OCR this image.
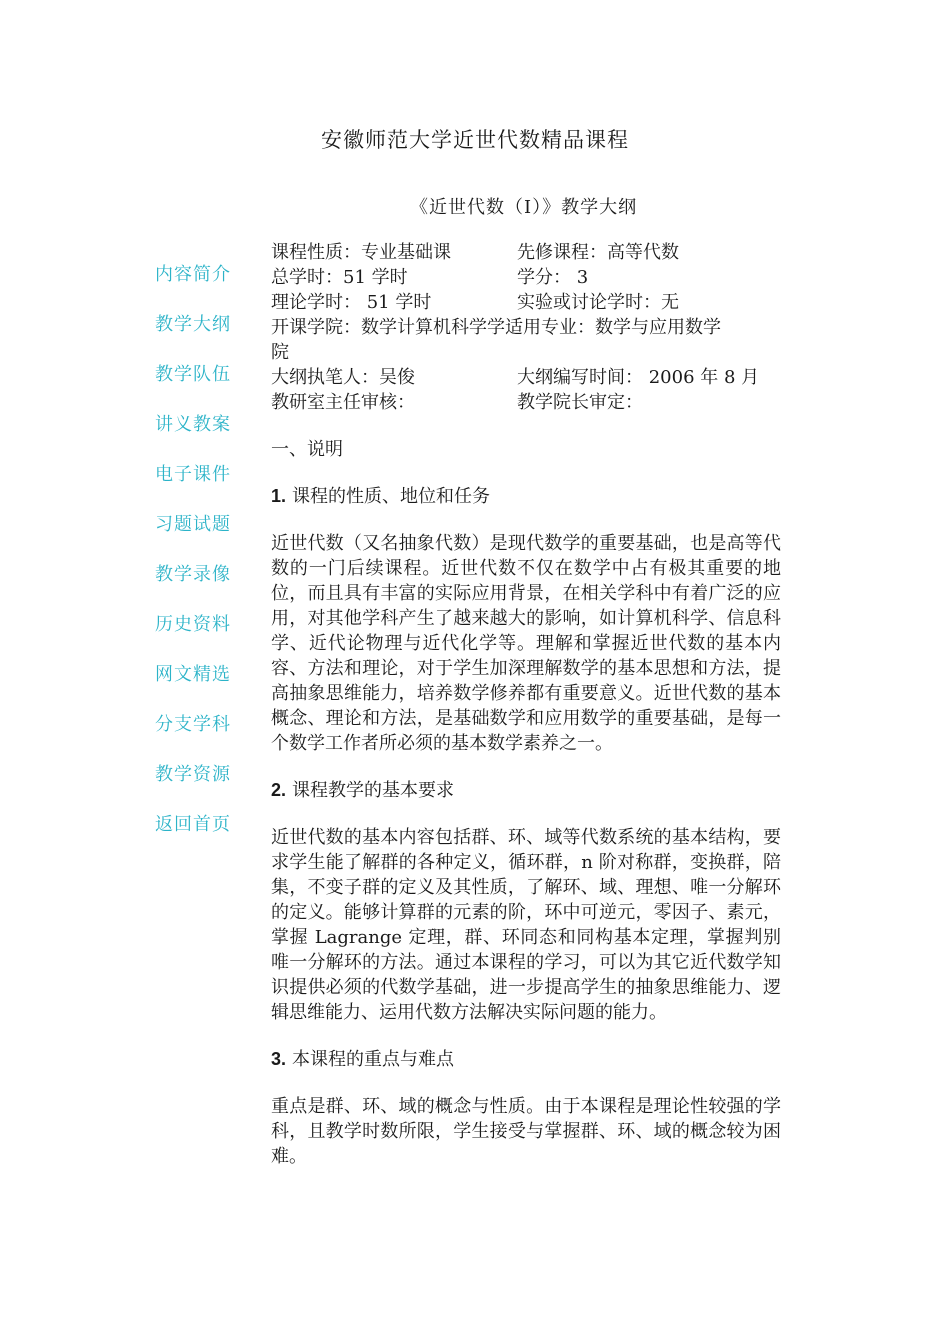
安徽师范大学近世代数精品课程
《近世代数（I）》教学大纲
内容简介
教学大纲
教学队伍
讲义教案
电子课件
习题试题
教学录像
历史资料
网文精选
分支学科
教学资源
返回首页
课程性质：专业基础课	先修课程：高等代数
总学时：51 学时	学分： 3
理论学时： 51 学时	实验或讨论学时：无
开课学院：数学计算机科学学适用专业：数学与应用数学
院
大纲执笔人：吴俊	大纲编写时间： 2006 年 8 月
教研室主任审核：	教学院长审定：
一、说明
1. 课程的性质、地位和任务
近世代数（又名抽象代数）是现代数学的重要基础，也是高等代数的一门后续课程。近世代数不仅在数学中占有极其重要的地位，而且具有丰富的实际应用背景，在相关学科中有着广泛的应用，对其他学科产生了越来越大的影响，如计算机科学、信息科学、近代论物理与近代化学等。理解和掌握近世代数的基本内容、方法和理论，对于学生加深理解数学的基本思想和方法，提高抽象思维能力，培养数学修养都有重要意义。近世代数的基本概念、理论和方法，是基础数学和应用数学的重要基础，是每一个数学工作者所必须的基本数学素养之一。
2. 课程教学的基本要求
近世代数的基本内容包括群、环、域等代数系统的基本结构，要求学生能了解群的各种定义，循环群，n 阶对称群，变换群，陪集，不变子群的定义及其性质，了解环、域、理想、唯一分解环的定义。能够计算群的元素的阶，环中可逆元，零因子、素元，掌握 Lagrange 定理，群、环同态和同构基本定理，掌握判别唯一分解环的方法。通过本课程的学习，可以为其它近代数学知识提供必须的代数学基础，进一步提高学生的抽象思维能力、逻辑思维能力、运用代数方法解决实际问题的能力。
3. 本课程的重点与难点
重点是群、环、域的概念与性质。由于本课程是理论性较强的学科，且教学时数所限，学生接受与掌握群、环、域的概念较为困难。
